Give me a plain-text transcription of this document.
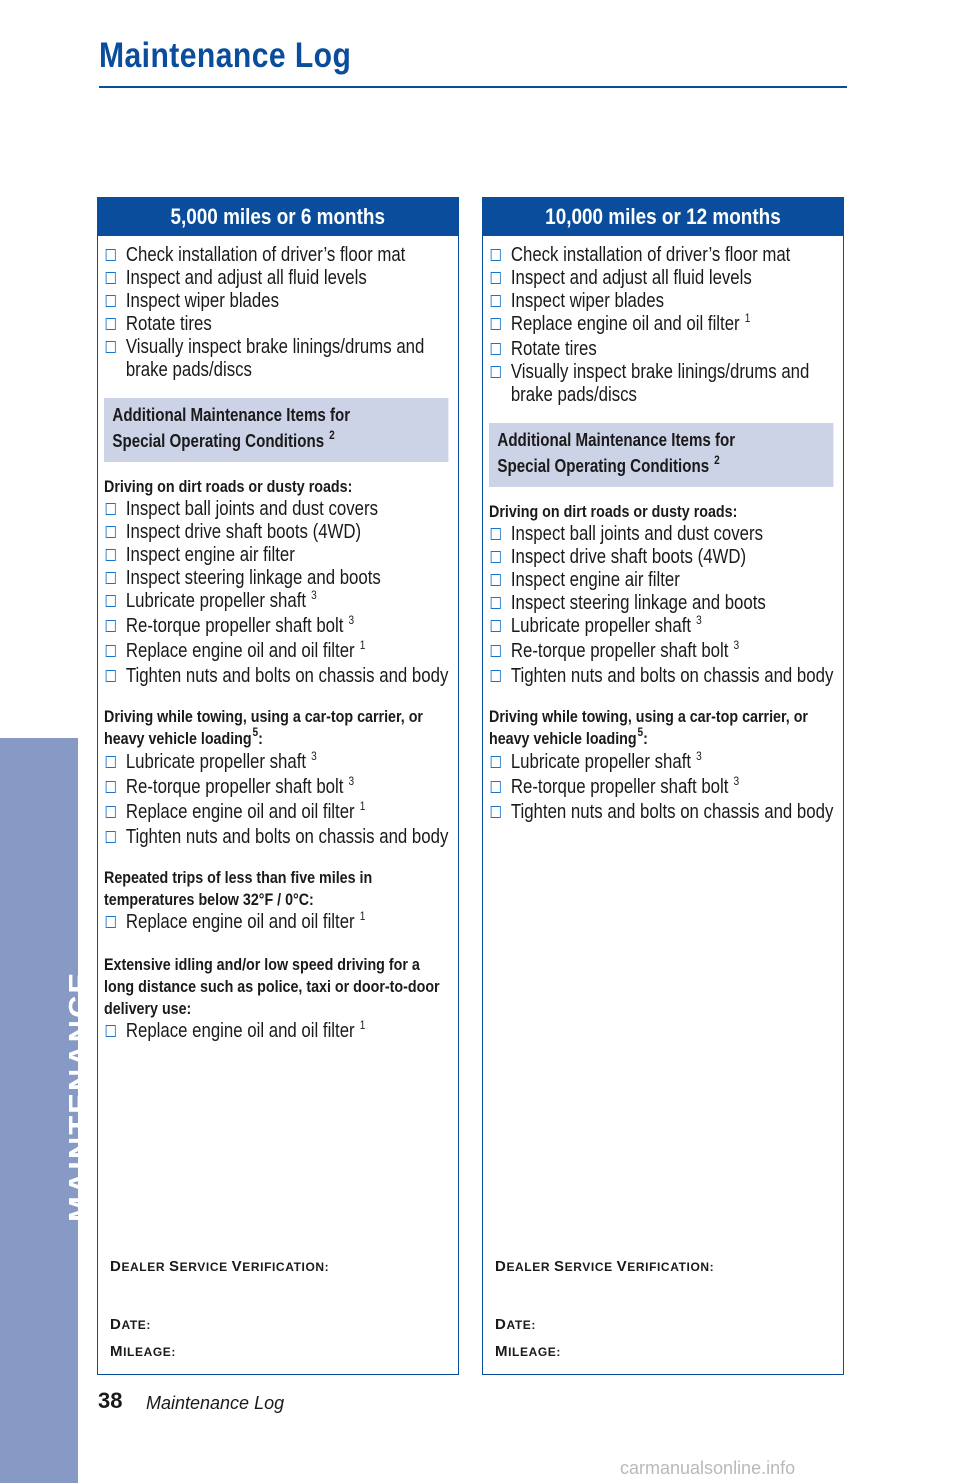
Maintenance Log
MAINTENANCE
5,000 miles or 6 months
Check installation of driver’s floor mat
Inspect and adjust all fluid levels
Inspect wiper blades
Rotate tires
Visually inspect brake linings/drums and brake pads/discs
Additional Maintenance Items for
Special Operating Conditions $^2$
Driving on dirt roads or dusty roads:
Inspect ball joints and dust covers
Inspect drive shaft boots (4WD)
Inspect engine air filter
Inspect steering linkage and boots
Lubricate propeller shaft $^3$
Re-torque propeller shaft bolt $^3$
Replace engine oil and oil filter $^1$
Tighten nuts and bolts on chassis and body
Driving while towing, using a car-top carrier, or heavy vehicle loading$^5$:
Lubricate propeller shaft $^3$
Re-torque propeller shaft bolt $^3$
Replace engine oil and oil filter $^1$
Tighten nuts and bolts on chassis and body
Repeated trips of less than five miles in temperatures below 32°F / 0°C:
Replace engine oil and oil filter $^1$
Extensive idling and/or low speed driving for a long distance such as police, taxi or door-to-door delivery use:
Replace engine oil and oil filter $^1$
DEALER SERVICE VERIFICATION:
DATE:
MILEAGE:
10,000 miles or 12 months
Check installation of driver’s floor mat
Inspect and adjust all fluid levels
Inspect wiper blades
Replace engine oil and oil filter $^1$
Rotate tires
Visually inspect brake linings/drums and brake pads/discs
Additional Maintenance Items for
Special Operating Conditions $^2$
Driving on dirt roads or dusty roads:
Inspect ball joints and dust covers
Inspect drive shaft boots (4WD)
Inspect engine air filter
Inspect steering linkage and boots
Lubricate propeller shaft $^3$
Re-torque propeller shaft bolt $^3$
Tighten nuts and bolts on chassis and body
Driving while towing, using a car-top carrier, or heavy vehicle loading$^5$:
Lubricate propeller shaft $^3$
Re-torque propeller shaft bolt $^3$
Tighten nuts and bolts on chassis and body
DEALER SERVICE VERIFICATION:
DATE:
MILEAGE:
38 Maintenance Log
carmanualsonline.info
